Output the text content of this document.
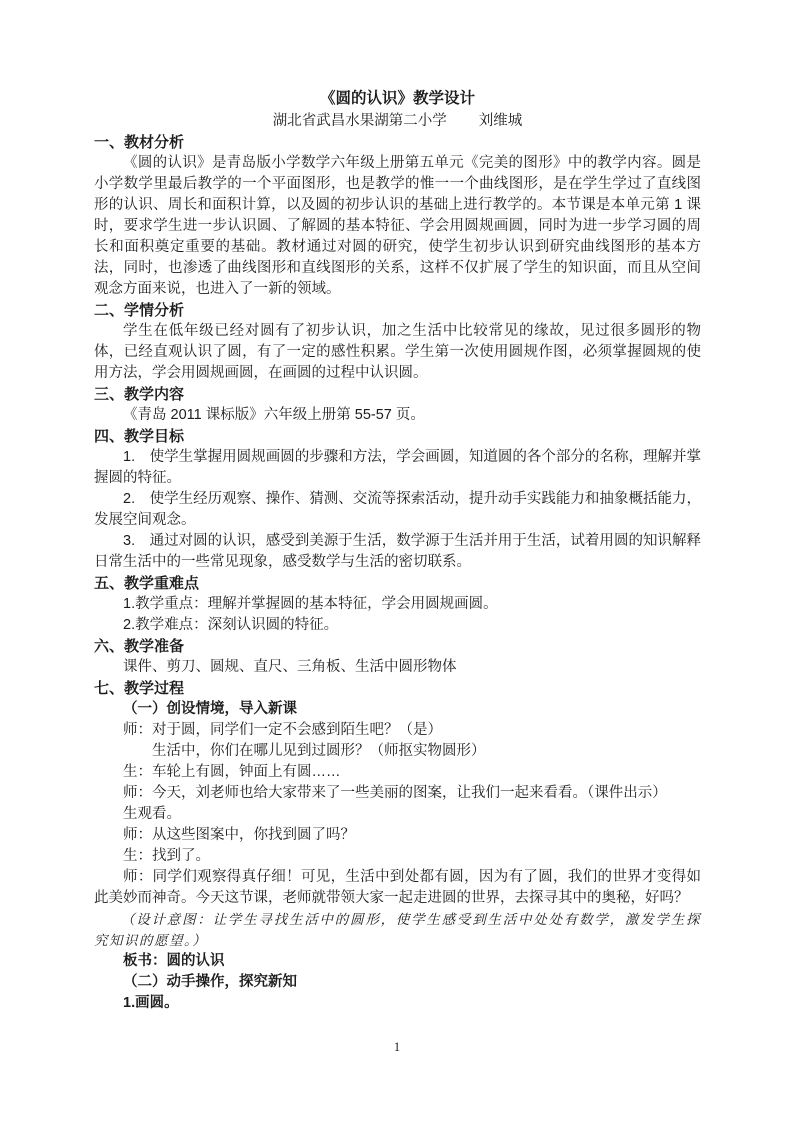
《圆的认识》教学设计
湖北省武昌水果湖第二小学 刘维城
一、教材分析

《圆的认识》是青岛版小学数学六年级上册第五单元《完美的图形》中的教学内容。圆是小学数学里最后教学的一个平面图形，也是教学的惟一一个曲线图形，是在学生学过了直线图形的认识、周长和面积计算，以及圆的初步认识的基础上进行教学的。本节课是本单元第 1 课时，要求学生进一步认识圆、了解圆的基本特征、学会用圆规画圆，同时为进一步学习圆的周长和面积奠定重要的基础。教材通过对圆的研究，使学生初步认识到研究曲线图形的基本方法，同时，也渗透了曲线图形和直线图形的关系，这样不仅扩展了学生的知识面，而且从空间观念方面来说，也进入了一新的领域。

二、学情分析

学生在低年级已经对圆有了初步认识，加之生活中比较常见的缘故，见过很多圆形的物体，已经直观认识了圆，有了一定的感性积累。学生第一次使用圆规作图，必须掌握圆规的使用方法，学会用圆规画圆，在画圆的过程中认识圆。

三、教学内容

《青岛 2011 课标版》六年级上册第 55-57 页。

四、教学目标

1.　使学生掌握用圆规画圆的步骤和方法，学会画圆，知道圆的各个部分的名称，理解并掌握圆的特征。

2.　使学生经历观察、操作、猜测、交流等探索活动，提升动手实践能力和抽象概括能力，发展空间观念。

3.　通过对圆的认识，感受到美源于生活，数学源于生活并用于生活，试着用圆的知识解释日常生活中的一些常见现象，感受数学与生活的密切联系。

五、教学重难点

1.教学重点：理解并掌握圆的基本特征，学会用圆规画圆。

2.教学难点：深刻认识圆的特征。

六、教学准备

课件、剪刀、圆规、直尺、三角板、生活中圆形物体

七、教学过程
（一）创设情境，导入新课

师：对于圆，同学们一定不会感到陌生吧？（是）

生活中，你们在哪儿见到过圆形？（师抠实物圆形）

生：车轮上有圆，钟面上有圆……

师：今天，刘老师也给大家带来了一些美丽的图案，让我们一起来看看。（课件出示）

生观看。

师：从这些图案中，你找到圆了吗？

生：找到了。

师：同学们观察得真仔细！可见，生活中到处都有圆，因为有了圆，我们的世界才变得如此美妙而神奇。今天这节课，老师就带领大家一起走进圆的世界，去探寻其中的奥秘，好吗？

（设计意图：让学生寻找生活中的圆形，使学生感受到生活中处处有数学，激发学生探究知识的愿望。）

板书：圆的认识
（二）动手操作，探究新知
1.画圆。
1
